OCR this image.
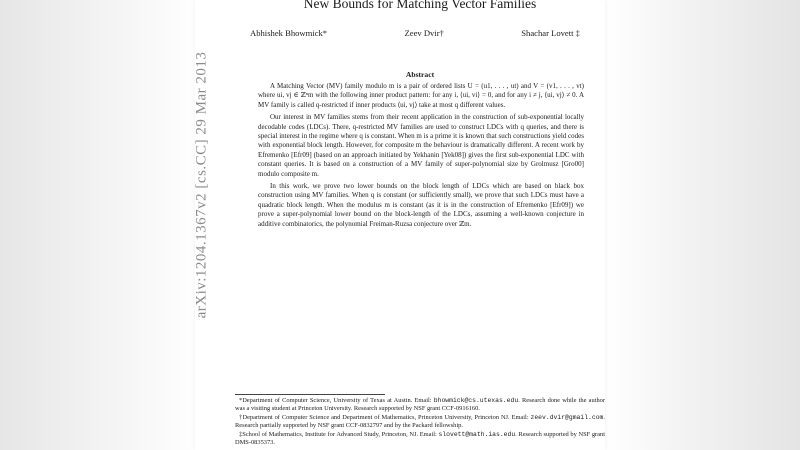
arXiv:1204.1367v2 [cs.CC] 29 Mar 2013
New Bounds for Matching Vector Families
Abhishek Bhowmick*	Zeev Dvir†	Shachar Lovett ‡
Abstract

A Matching Vector (MV) family modulo m is a pair of ordered lists U = (u1, . . . , ut) and V = (v1, . . . , vt) where ui, vj ∈ ℤⁿm with the following inner product pattern: for any i, ⟨ui, vi⟩ = 0, and for any i ≠ j, ⟨ui, vj⟩ ≠ 0. A MV family is called q-restricted if inner products ⟨ui, vj⟩ take at most q different values.

Our interest in MV families stems from their recent application in the construction of sub-exponential locally decodable codes (LDCs). There, q-restricted MV families are used to construct LDCs with q queries, and there is special interest in the regime where q is constant. When m is a prime it is known that such constructions yield codes with exponential block length. However, for composite m the behaviour is dramatically different. A recent work by Efremenko [Efr09] (based on an approach initiated by Yekhanin [Yek08]) gives the first sub-exponential LDC with constant queries. It is based on a construction of a MV family of super-polynomial size by Grolmusz [Gro00] modulo composite m.

In this work, we prove two lower bounds on the block length of LDCs which are based on black box construction using MV families. When q is constant (or sufficiently small), we prove that such LDCs must have a quadratic block length. When the modulus m is constant (as it is in the construction of Efremenko [Efr09]) we prove a super-polynomial lower bound on the block-length of the LDCs, assuming a well-known conjecture in additive combinatorics, the polynomial Freiman-Ruzsa conjecture over ℤm.

*Department of Computer Science, University of Texas at Austin. Email: bhowmick@cs.utexas.edu. Research done while the author was a visiting student at Princeton University. Research supported by NSF grant CCF-0916160.

†Department of Computer Science and Department of Mathematics, Princeton University, Princeton NJ. Email: zeev.dvir@gmail.com. Research partially supported by NSF grant CCF-0832797 and by the Packard fellowship.

‡School of Mathematics, Institute for Advanced Study, Princeton, NJ. Email: slovett@math.ias.edu. Research supported by NSF grant DMS-0835373.
